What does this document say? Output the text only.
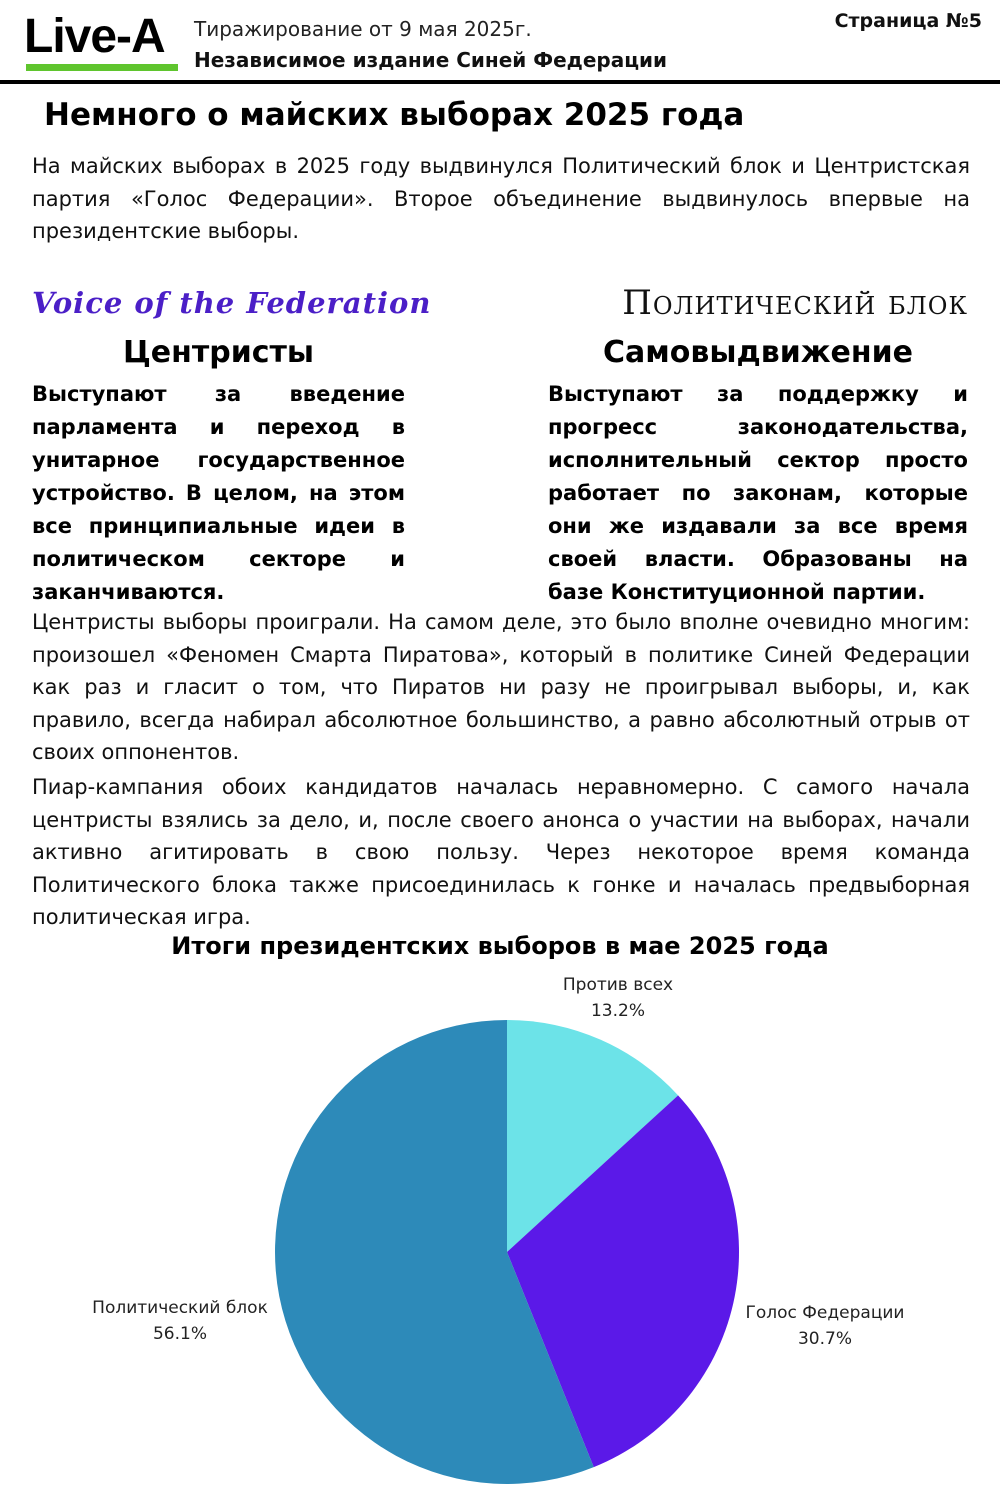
Live-A Тиражирование от 9 мая 2025г.
Независимое издание Синей Федерации
Страница №5
Немного о майских выборах 2025 года

На майских выборах в 2025 году выдвинулся Политический блок и Центристская партия «Голос Федерации». Второе объединение выдвинулось впервые на президентские выборы.

Voice of the Federation
Центристы
Выступают за введение парламента и переход в унитарное государственное устройство. В целом, на этом все принципиальные идеи в политическом секторе и заканчиваются.
Политический блок
Самовыдвижение
Выступают за поддержку и прогресс законодательства, исполнительный сектор просто работает по законам, которые они же издавали за все время своей власти. Образованы на базе Конституционной партии.

Центристы выборы проиграли. На самом деле, это было вполне очевидно многим: произошел «Феномен Смарта Пиратова», который в политике Синей Федерации как раз и гласит о том, что Пиратов ни разу не проигрывал выборы, и, как правило, всегда набирал абсолютное большинство, а равно абсолютный отрыв от своих оппонентов.

Пиар-кампания обоих кандидатов началась неравномерно. С самого начала центристы взялись за дело, и, после своего анонса о участии на выборах, начали активно агитировать в свою пользу. Через некоторое время команда Политического блока также присоединилась к гонке и началась предвыборная политическая игра.

Итоги президентских выборов в мае 2025 года
Против всех
13.2%
Голос Федерации
30.7%
Политический блок
56.1%
